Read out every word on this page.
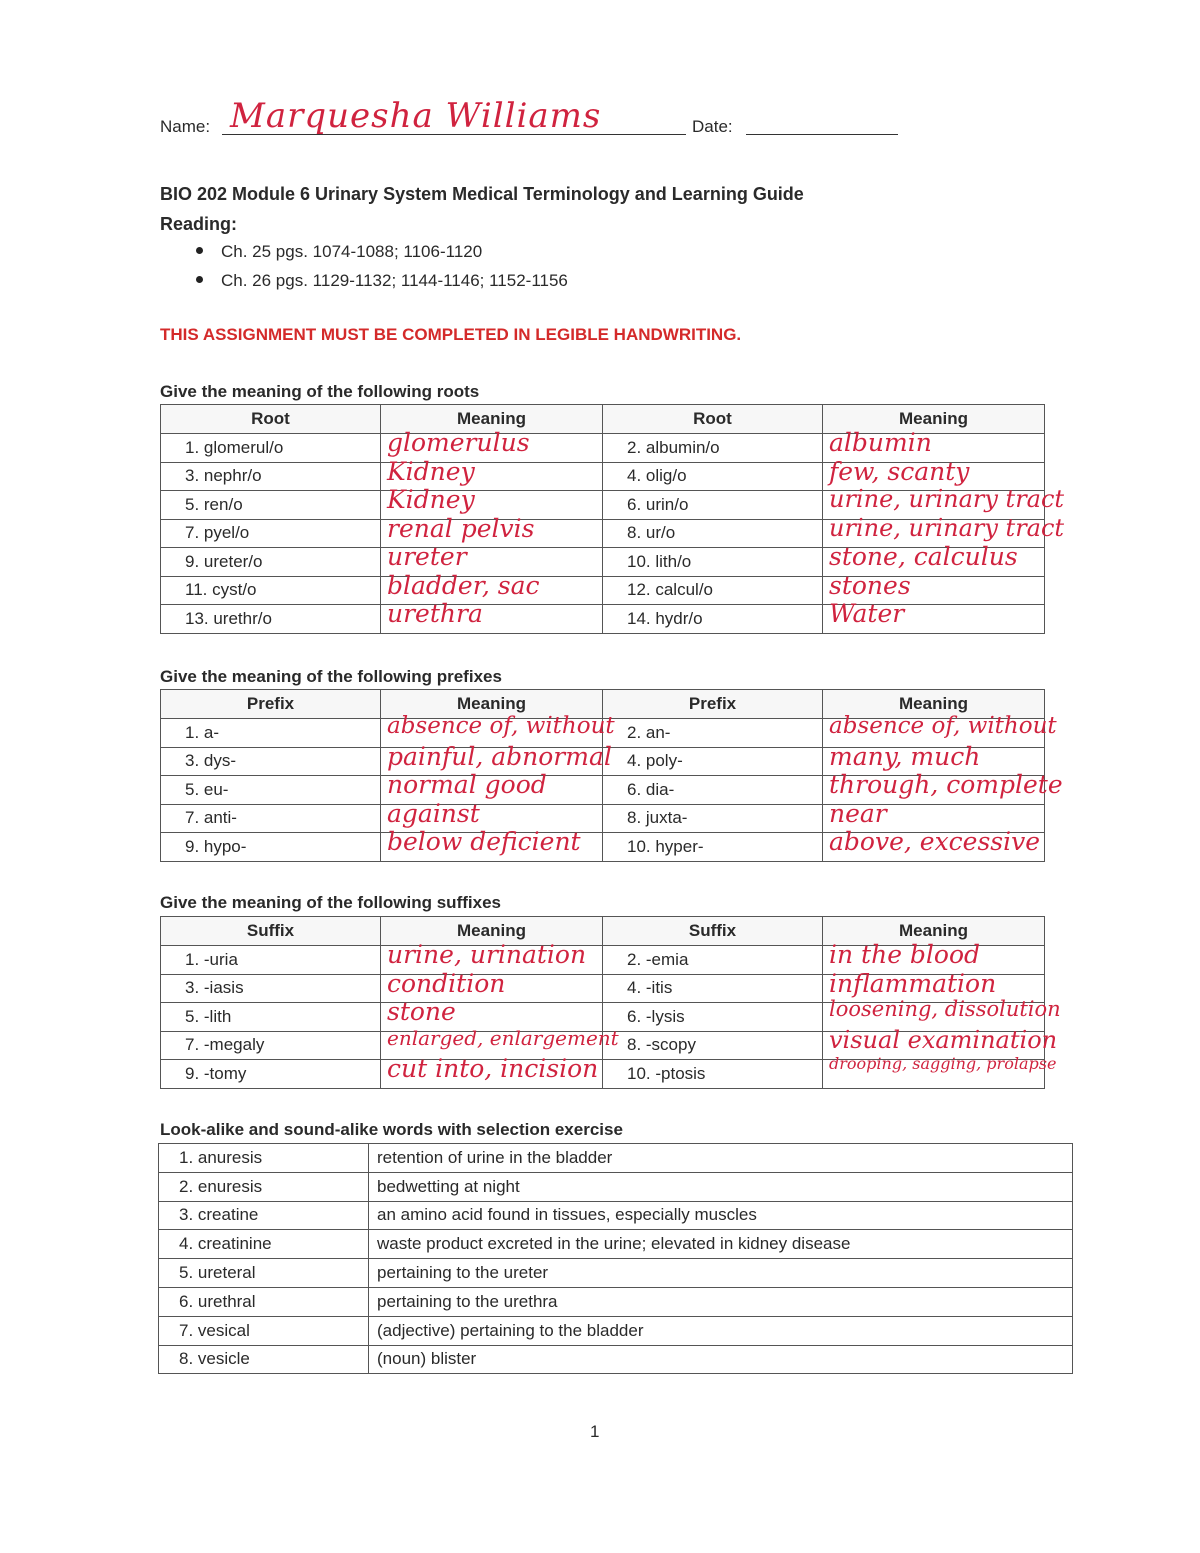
Name: Marquesha Williams	Date:
BIO 202 Module 6 Urinary System Medical Terminology and Learning Guide
Reading:
Ch. 25 pgs. 1074-1088; 1106-1120
Ch. 26 pgs. 1129-1132; 1144-1146; 1152-1156
THIS ASSIGNMENT MUST BE COMPLETED IN LEGIBLE HANDWRITING.
Give the meaning of the following roots
Root	Meaning	Root	Meaning
1. glomerul/o	glomerulus	2. albumin/o	albumin

3. nephr/o	Kidney	4. olig/o	few, scanty

5. ren/o	Kidney	6. urin/o	urine, urinary tract

7. pyel/o	renal pelvis	8. ur/o	urine, urinary tract

9. ureter/o	ureter	10. lith/o	stone, calculus

11. cyst/o	bladder, sac	12. calcul/o	stones

13. urethr/o	urethra	14. hydr/o	Water
Give the meaning of the following prefixes
Prefix	Meaning	Prefix	Meaning
1. a-	absence of, without	2. an-	absence of, without

3. dys-	painful, abnormal	4. poly-	many, much

5. eu-	normal good	6. dia-	through, complete

7. anti-	against	8. juxta-	near

9. hypo-	below deficient	10. hyper-	above, excessive
Give the meaning of the following suffixes
Suffix	Meaning	Suffix	Meaning
1. -uria	urine, urination	2. -emia	in the blood

3. -iasis	condition	4. -itis	inflammation

5. -lith	stone	6. -lysis	loosening, dissolution

7. -megaly	enlarged, enlargement	8. -scopy	visual examination

9. -tomy	cut into, incision	10. -ptosis	drooping, sagging, prolapse
Look-alike and sound-alike words with selection exercise
1. anuresis	retention of urine in the bladder
2. enuresis	bedwetting at night
3. creatine	an amino acid found in tissues, especially muscles
4. creatinine	waste product excreted in the urine; elevated in kidney disease
5. ureteral	pertaining to the ureter
6. urethral	pertaining to the urethra
7. vesical	(adjective) pertaining to the bladder
8. vesicle	(noun) blister
1
